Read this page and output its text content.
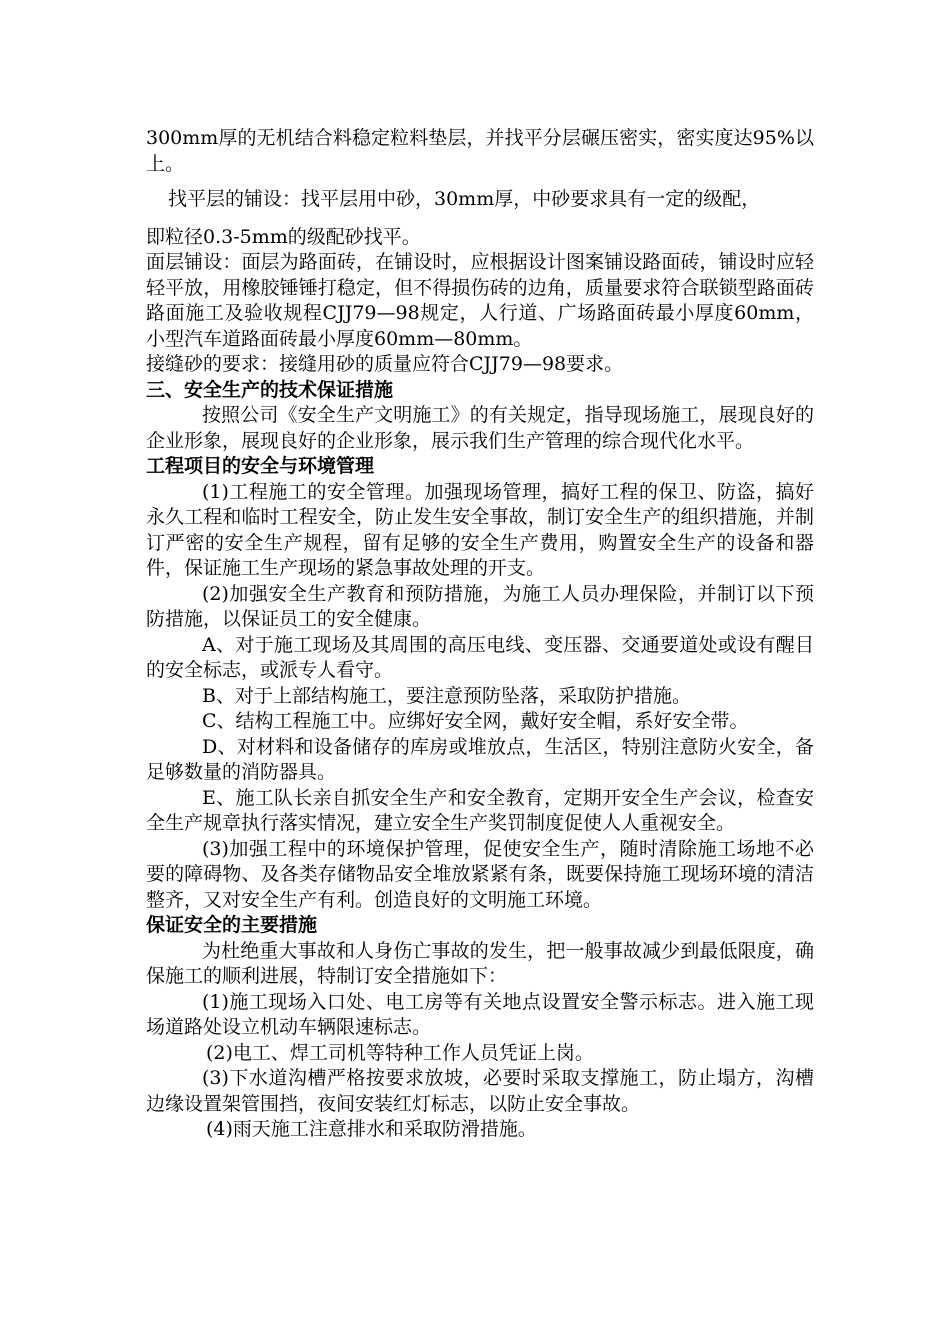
300mm厚的无机结合料稳定粒料垫层，并找平分层碾压密实，密实度达95%以上。

找平层的铺设：找平层用中砂，30mm厚，中砂要求具有一定的级配，

即粒径0.3-5mm的级配砂找平。

面层铺设：面层为路面砖，在铺设时，应根据设计图案铺设路面砖，铺设时应轻轻平放，用橡胶锤锤打稳定，但不得损伤砖的边角，质量要求符合联锁型路面砖路面施工及验收规程CJJ79—98规定，人行道、广场路面砖最小厚度60mm，小型汽车道路面砖最小厚度60mm—80mm。

接缝砂的要求：接缝用砂的质量应符合CJJ79—98要求。

三、安全生产的技术保证措施

按照公司《安全生产文明施工》的有关规定，指导现场施工，展现良好的企业形象，展现良好的企业形象，展示我们生产管理的综合现代化水平。

工程项目的安全与环境管理

(1)工程施工的安全管理。加强现场管理，搞好工程的保卫、防盗，搞好永久工程和临时工程安全，防止发生安全事故，制订安全生产的组织措施，并制订严密的安全生产规程，留有足够的安全生产费用，购置安全生产的设备和器件，保证施工生产现场的紧急事故处理的开支。

(2)加强安全生产教育和预防措施，为施工人员办理保险，并制订以下预防措施，以保证员工的安全健康。

A、对于施工现场及其周围的高压电线、变压器、交通要道处或设有醒目的安全标志，或派专人看守。

B、对于上部结构施工，要注意预防坠落，采取防护措施。

C、结构工程施工中。应绑好安全网，戴好安全帽，系好安全带。

D、对材料和设备储存的库房或堆放点，生活区，特别注意防火安全，备足够数量的消防器具。

E、施工队长亲自抓安全生产和安全教育，定期开安全生产会议，检查安全生产规章执行落实情况，建立安全生产奖罚制度促使人人重视安全。

(3)加强工程中的环境保护管理，促使安全生产，随时清除施工场地不必要的障碍物、及各类存储物品安全堆放紧紧有条，既要保持施工现场环境的清洁整齐，又对安全生产有利。创造良好的文明施工环境。

保证安全的主要措施

为杜绝重大事故和人身伤亡事故的发生，把一般事故减少到最低限度，确保施工的顺利进展，特制订安全措施如下：

(1)施工现场入口处、电工房等有关地点设置安全警示标志。进入施工现场道路处设立机动车辆限速标志。

(2)电工、焊工司机等特种工作人员凭证上岗。

(3)下水道沟槽严格按要求放坡，必要时采取支撑施工，防止塌方，沟槽边缘设置架管围挡，夜间安装红灯标志，以防止安全事故。

(4)雨天施工注意排水和采取防滑措施。
